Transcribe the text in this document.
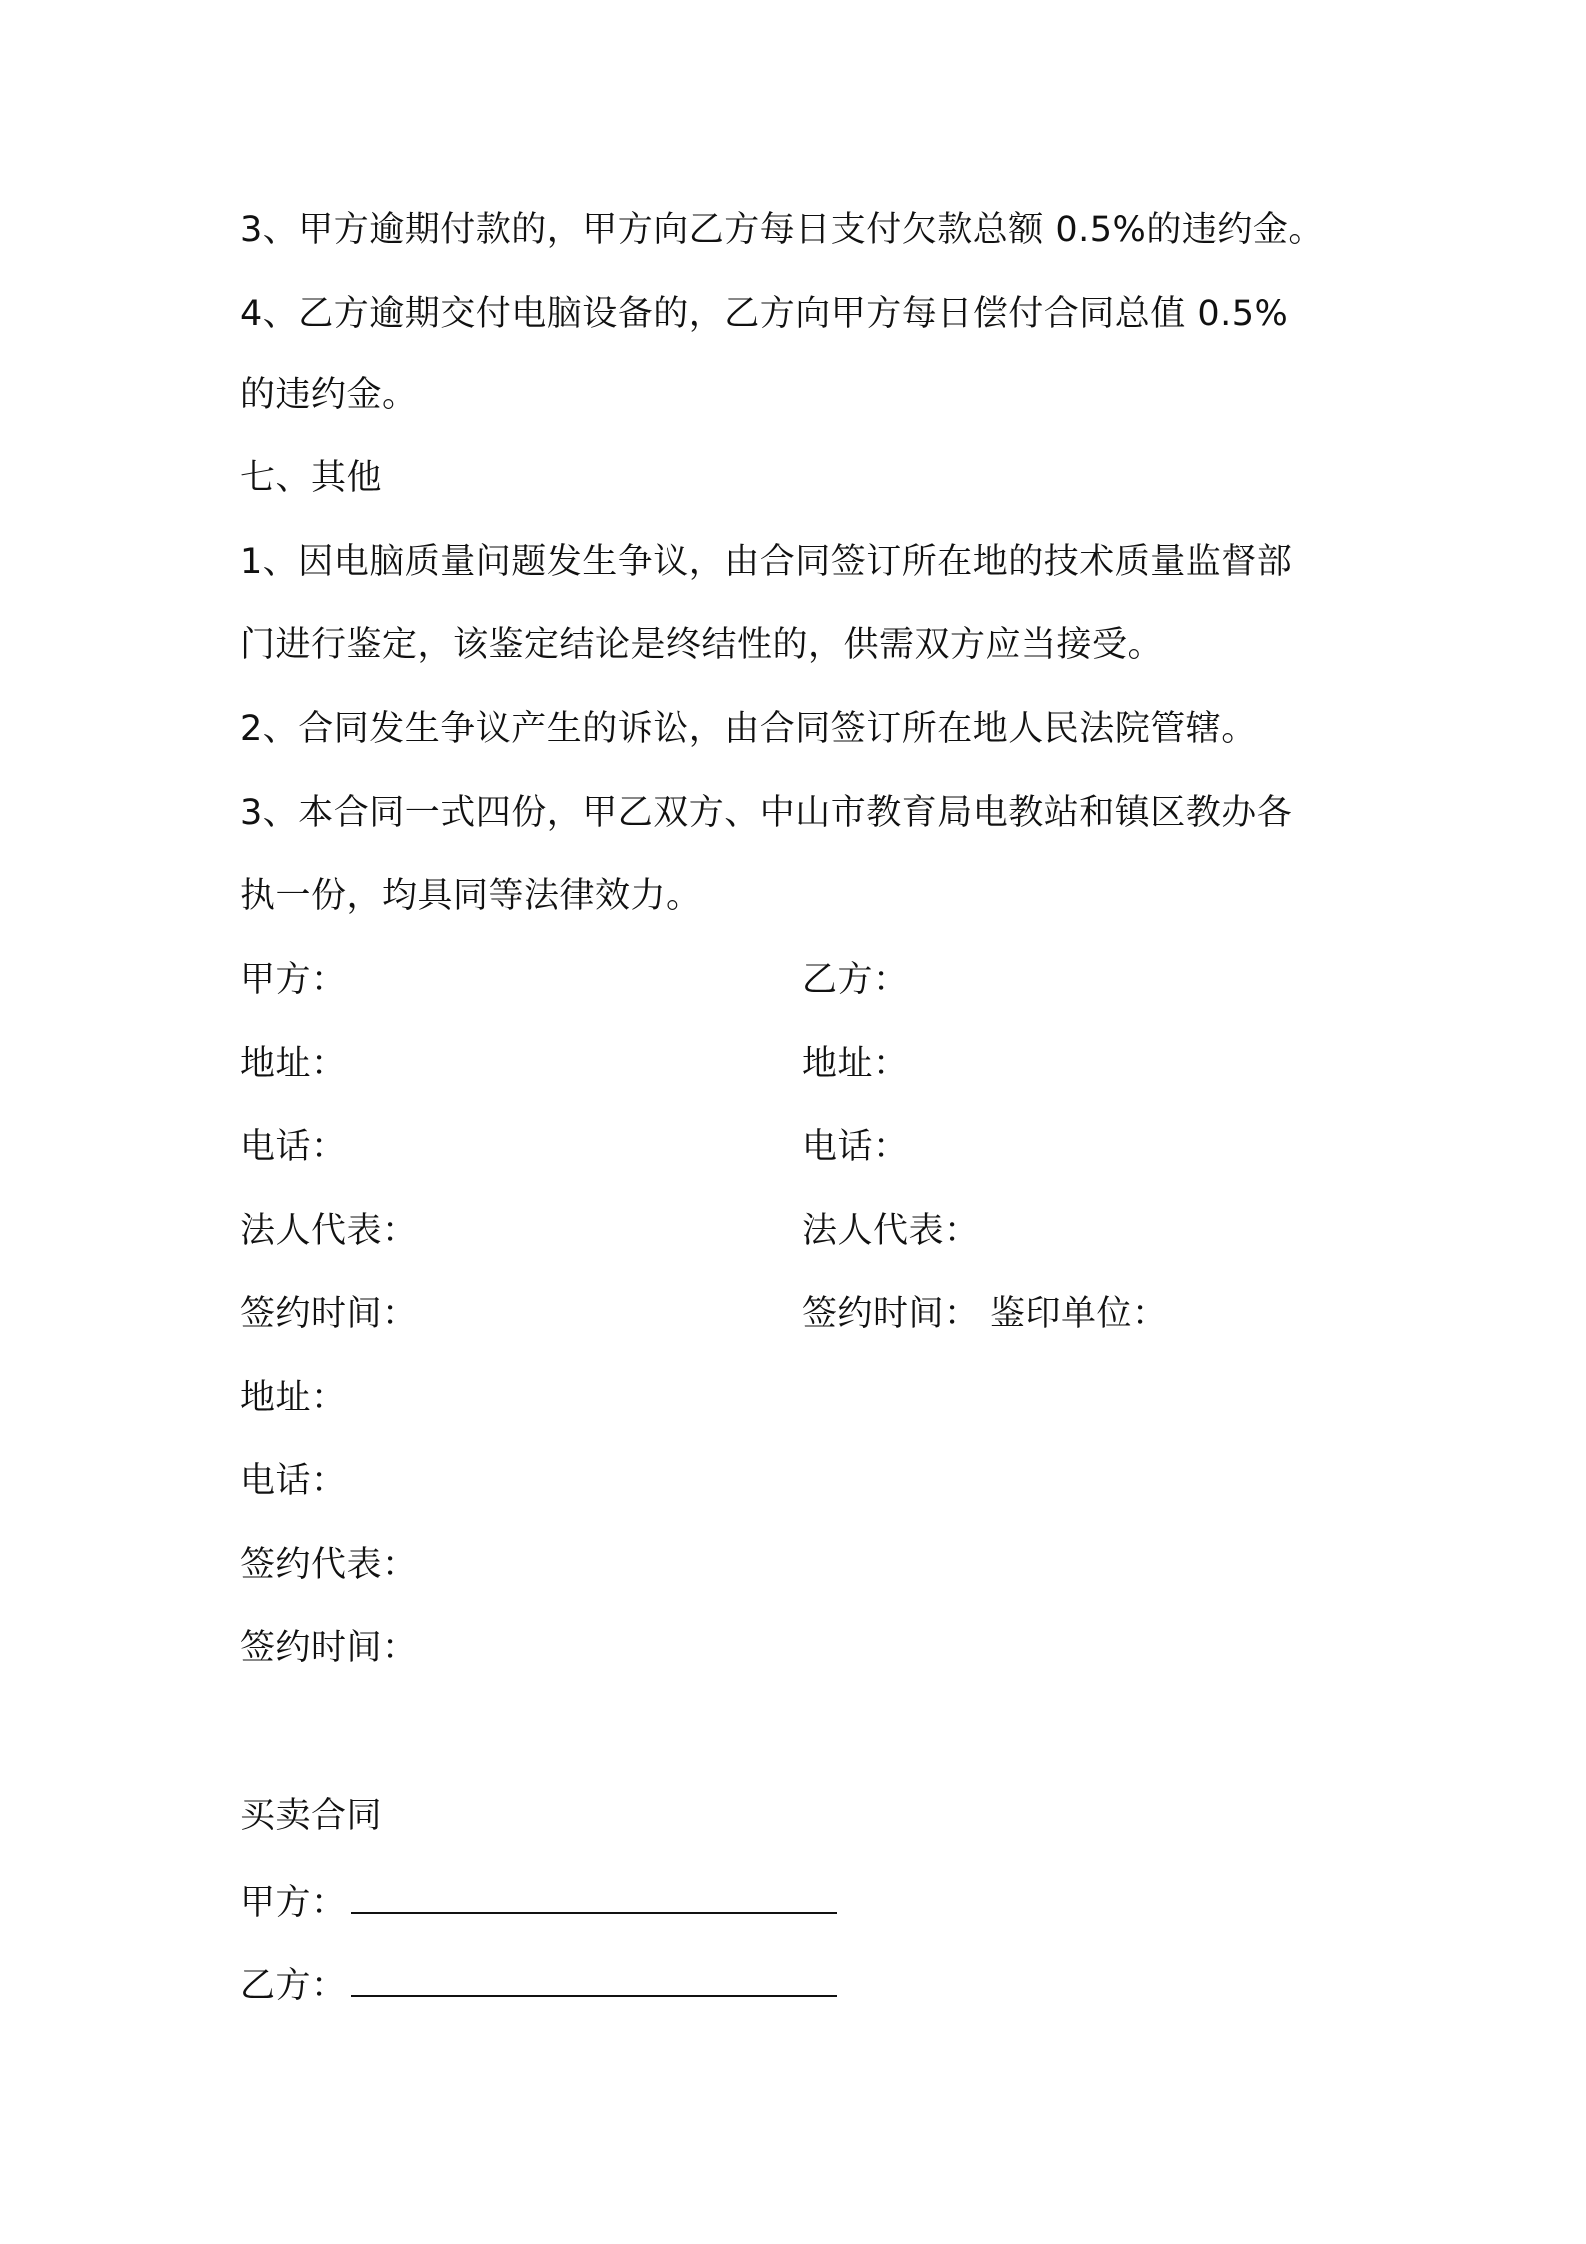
3、甲方逾期付款的，甲方向乙方每日支付欠款总额 0.5%的违约金。
4、乙方逾期交付电脑设备的，乙方向甲方每日偿付合同总值 0.5%
的违约金。
七、其他
1、因电脑质量问题发生争议，由合同签订所在地的技术质量监督部
门进行鉴定，该鉴定结论是终结性的，供需双方应当接受。
2、合同发生争议产生的诉讼，由合同签订所在地人民法院管辖。
3、本合同一式四份，甲乙双方、中山市教育局电教站和镇区教办各
执一份，均具同等法律效力。
甲方：	乙方：
地址：	地址：
电话：	电话：
法人代表：	法人代表：
签约时间：	签约时间： 鉴印单位：
地址：
电话：
签约代表：
签约时间：
买卖合同
甲方：
乙方：
